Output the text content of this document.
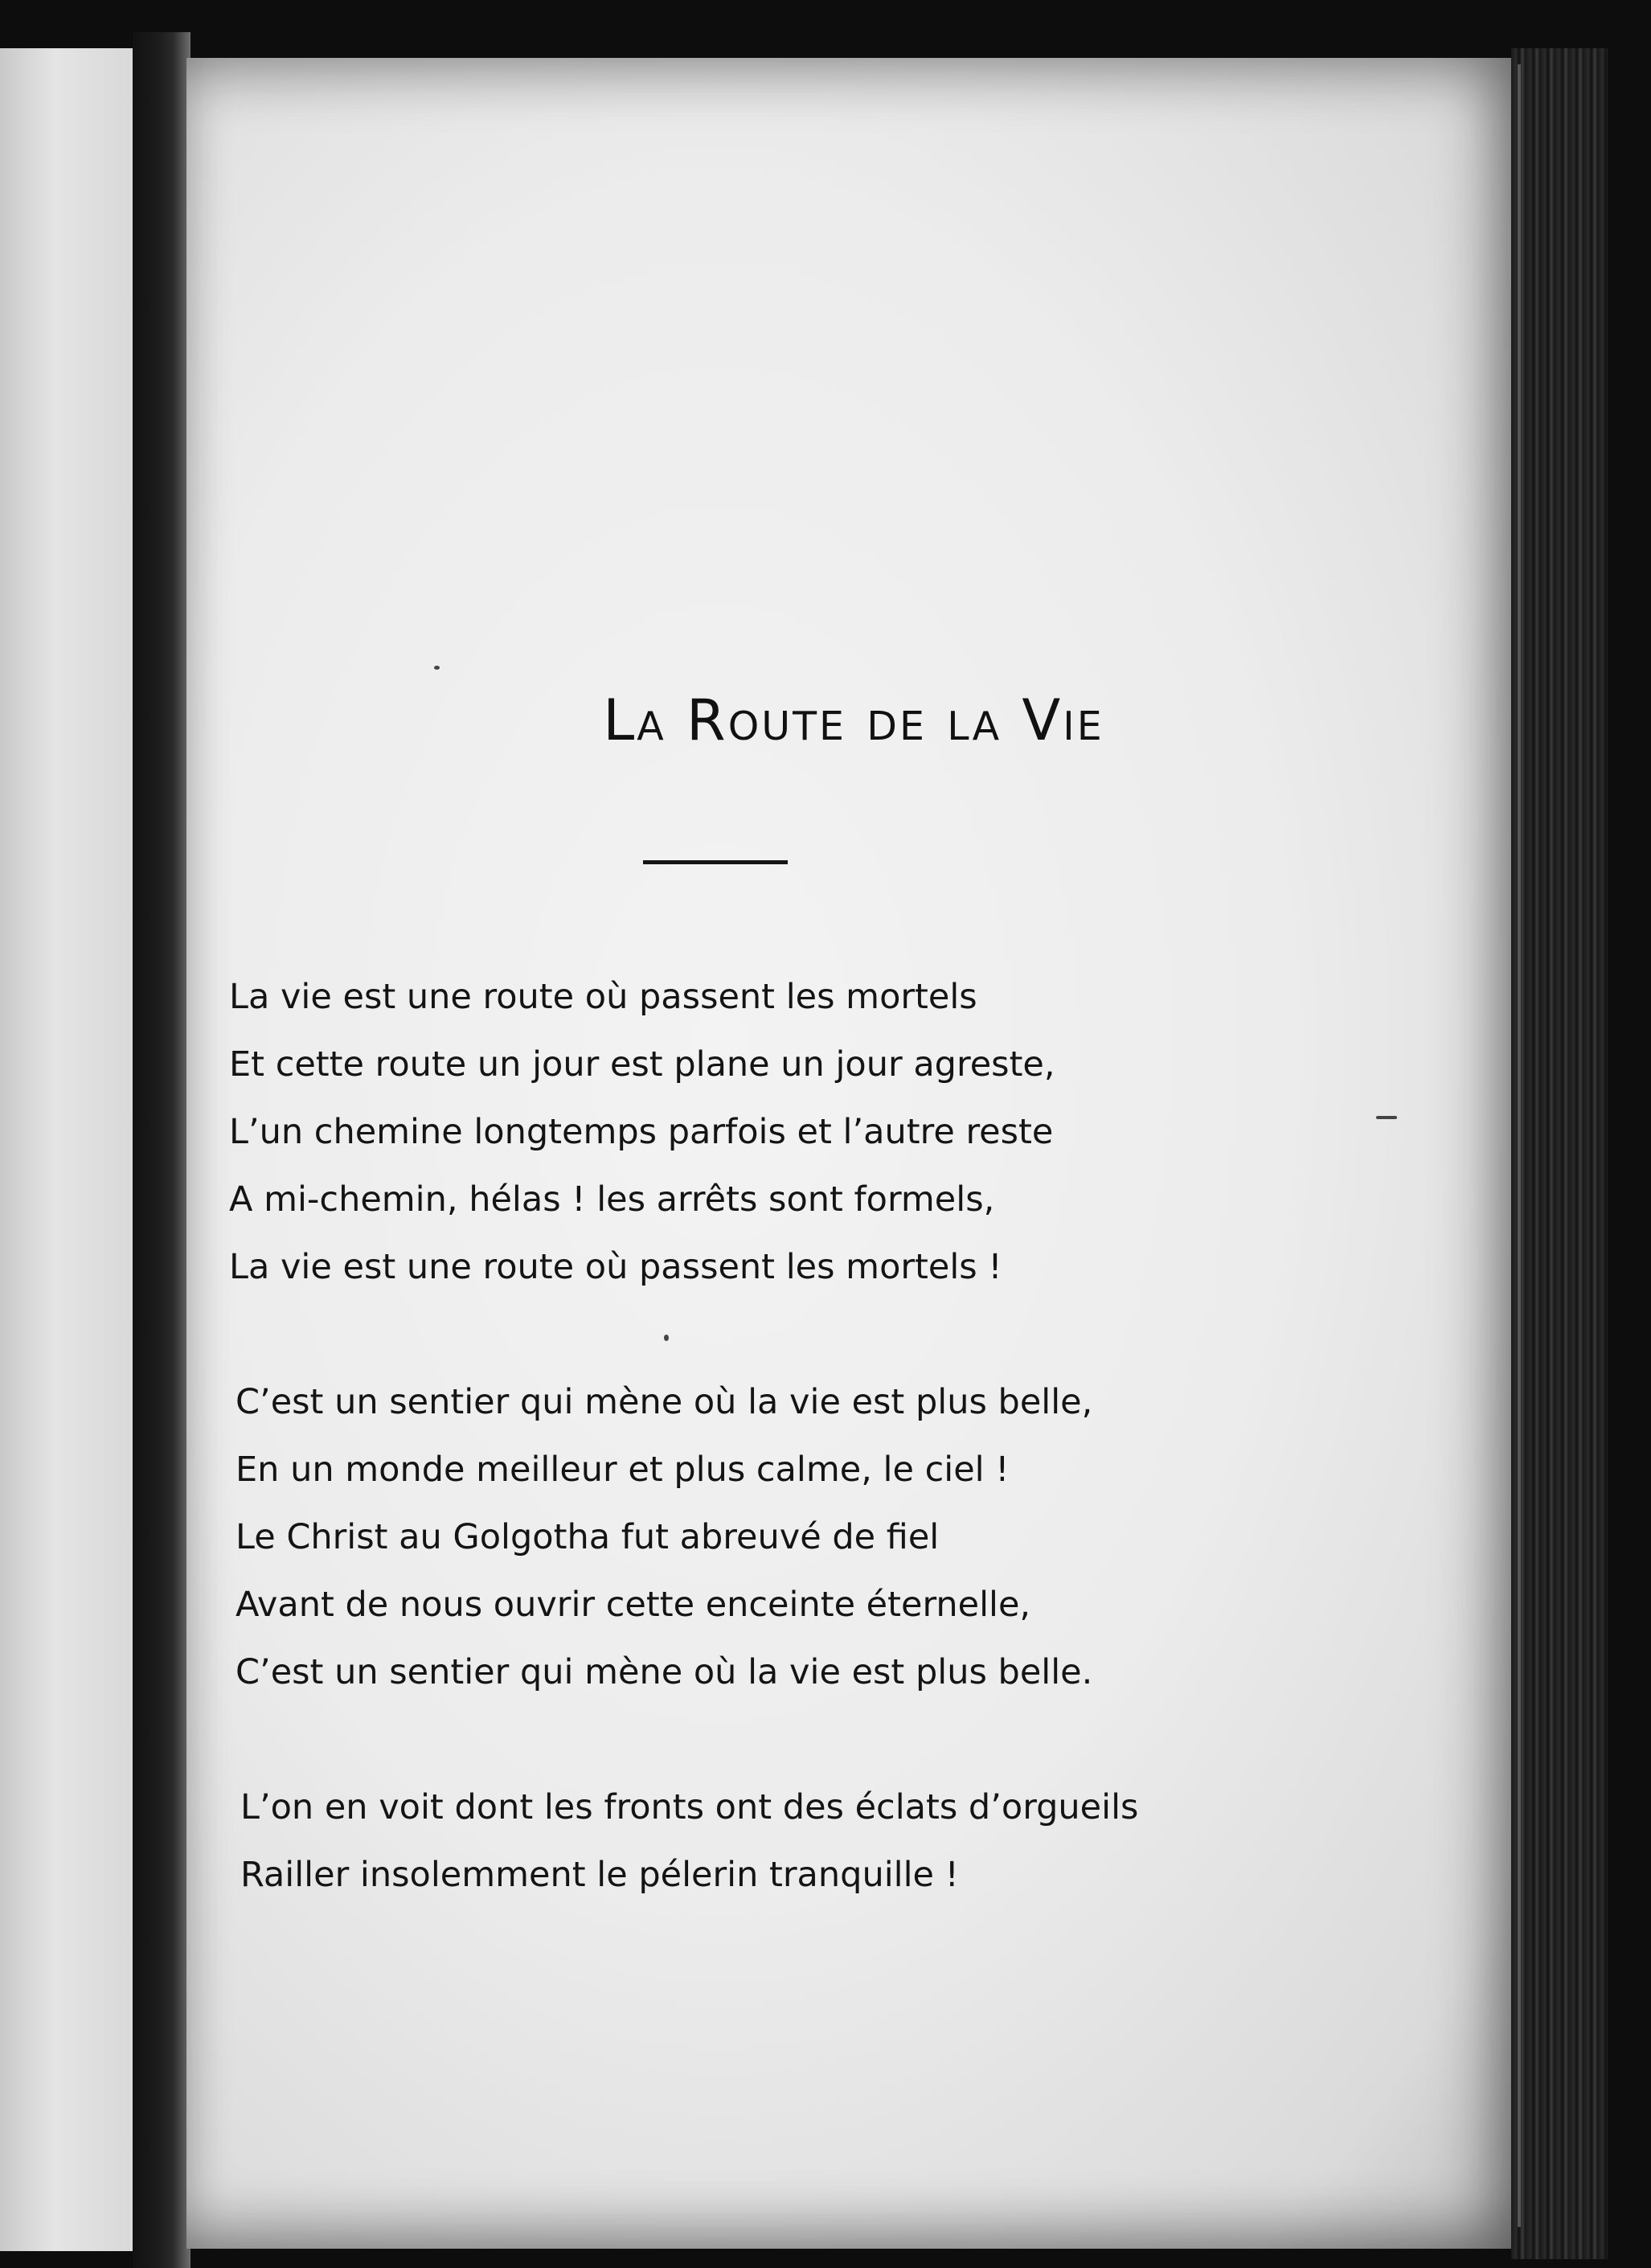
La Route de la Vie
La vie est une route où passent les mortels
Et cette route un jour est plane un jour agreste,
L’un chemine longtemps parfois et l’autre reste
A mi-chemin, hélas ! les arrêts sont formels,
La vie est une route où passent les mortels !
C’est un sentier qui mène où la vie est plus belle,
En un monde meilleur et plus calme, le ciel !
Le Christ au Golgotha fut abreuvé de fiel
Avant de nous ouvrir cette enceinte éternelle,
C’est un sentier qui mène où la vie est plus belle.
L’on en voit dont les fronts ont des éclats d’orgueils
Railler insolemment le pélerin tranquille !
